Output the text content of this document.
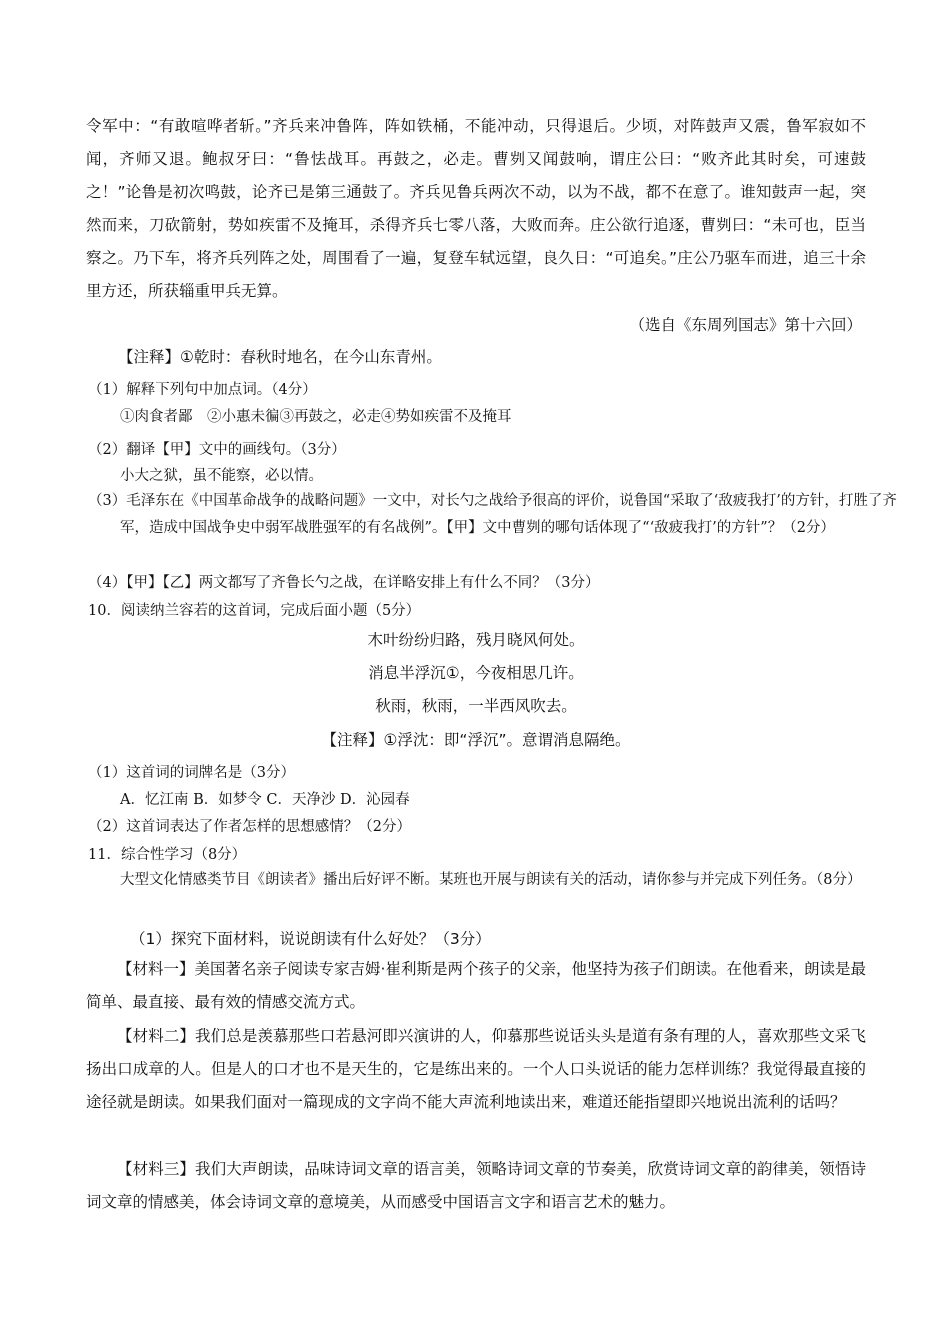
令军中：“有敢喧哗者斩。”齐兵来冲鲁阵，阵如铁桶，不能冲动，只得退后。少顷，对阵鼓声又震，鲁军寂如不闻，齐师又退。鲍叔牙曰：“鲁怯战耳。再鼓之，必走。曹刿又闻鼓响，谓庄公曰：“败齐此其时矣，可速鼓之！”论鲁是初次鸣鼓，论齐已是第三通鼓了。齐兵见鲁兵两次不动，以为不战，都不在意了。谁知鼓声一起，突然而来，刀砍箭射，势如疾雷不及掩耳，杀得齐兵七零八落，大败而奔。庄公欲行追逐，曹刿曰：“未可也，臣当察之。乃下车，将齐兵列阵之处，周围看了一遍，复登车轼远望，良久日：“可追矣。”庄公乃驱车而进，追三十余里方还，所获辎重甲兵无算。
（选自《东周列国志》第十六回）
【注释】①乾时：春秋时地名，在今山东青州。
（1）解释下列句中加点词。（4分）
①肉食者鄙　②小惠未徧③再鼓之，必走④势如疾雷不及掩耳
（2）翻译【甲】文中的画线句。（3分）
小大之狱，虽不能察，必以情。
（3）毛泽东在《中国革命战争的战略问题》一文中，对长勺之战给予很高的评价，说鲁国“采取了‘敌疲我打’的方针，打胜了齐军，造成中国战争史中弱军战胜强军的有名战例”。【甲】文中曹刿的哪句话体现了“‘敌疲我打’的方针”？（2分）
（4）【甲】【乙】两文都写了齐鲁长勺之战，在详略安排上有什么不同？（3分）
10．阅读纳兰容若的这首词，完成后面小题（5分）
木叶纷纷归路，残月晓风何处。
消息半浮沉①，今夜相思几许。
秋雨，秋雨，一半西风吹去。
【注释】①浮沈：即“浮沉”。意谓消息隔绝。
（1）这首词的词牌名是（3分）
A．忆江南 B．如梦令 C．天净沙 D．沁园春
（2）这首词表达了作者怎样的思想感情？（2分）
11．综合性学习（8分）
大型文化情感类节目《朗读者》播出后好评不断。某班也开展与朗读有关的活动，请你参与并完成下列任务。（8分）
（1）探究下面材料，说说朗读有什么好处？（3分）
【材料一】美国著名亲子阅读专家吉姆·崔利斯是两个孩子的父亲，他坚持为孩子们朗读。在他看来，朗读是最简单、最直接、最有效的情感交流方式。
【材料二】我们总是羡慕那些口若悬河即兴演讲的人，仰慕那些说话头头是道有条有理的人，喜欢那些文采飞扬出口成章的人。但是人的口才也不是天生的，它是练出来的。一个人口头说话的能力怎样训练？我觉得最直接的途径就是朗读。如果我们面对一篇现成的文字尚不能大声流利地读出来，难道还能指望即兴地说出流利的话吗？
【材料三】我们大声朗读，品味诗词文章的语言美，领略诗词文章的节奏美，欣赏诗词文章的韵律美，领悟诗词文章的情感美，体会诗词文章的意境美，从而感受中国语言文字和语言艺术的魅力。
